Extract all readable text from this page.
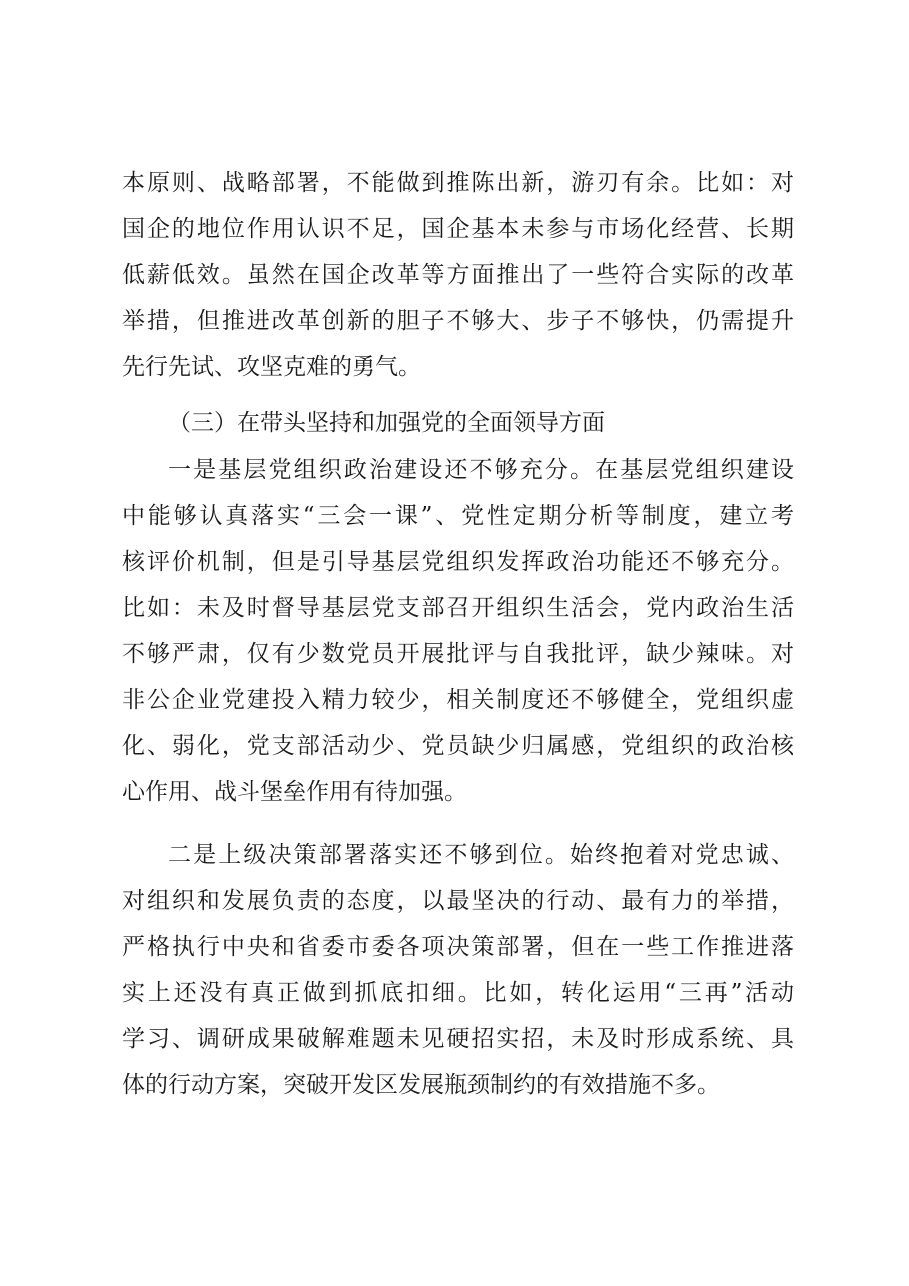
本原则、战略部署，不能做到推陈出新，游刃有余。比如：对
国企的地位作用认识不足，国企基本未参与市场化经营、长期
低薪低效。虽然在国企改革等方面推出了一些符合实际的改革
举措，但推进改革创新的胆子不够大、步子不够快，仍需提升
先行先试、攻坚克难的勇气。
（三）在带头坚持和加强党的全面领导方面
一是基层党组织政治建设还不够充分。在基层党组织建设
中能够认真落实“三会一课”、党性定期分析等制度，建立考
核评价机制，但是引导基层党组织发挥政治功能还不够充分。
比如：未及时督导基层党支部召开组织生活会，党内政治生活
不够严肃，仅有少数党员开展批评与自我批评，缺少辣味。对
非公企业党建投入精力较少，相关制度还不够健全，党组织虚
化、弱化，党支部活动少、党员缺少归属感，党组织的政治核
心作用、战斗堡垒作用有待加强。
二是上级决策部署落实还不够到位。始终抱着对党忠诚、
对组织和发展负责的态度，以最坚决的行动、最有力的举措，
严格执行中央和省委市委各项决策部署，但在一些工作推进落
实上还没有真正做到抓底扣细。比如，转化运用“三再”活动
学习、调研成果破解难题未见硬招实招，未及时形成系统、具
体的行动方案，突破开发区发展瓶颈制约的有效措施不多。
